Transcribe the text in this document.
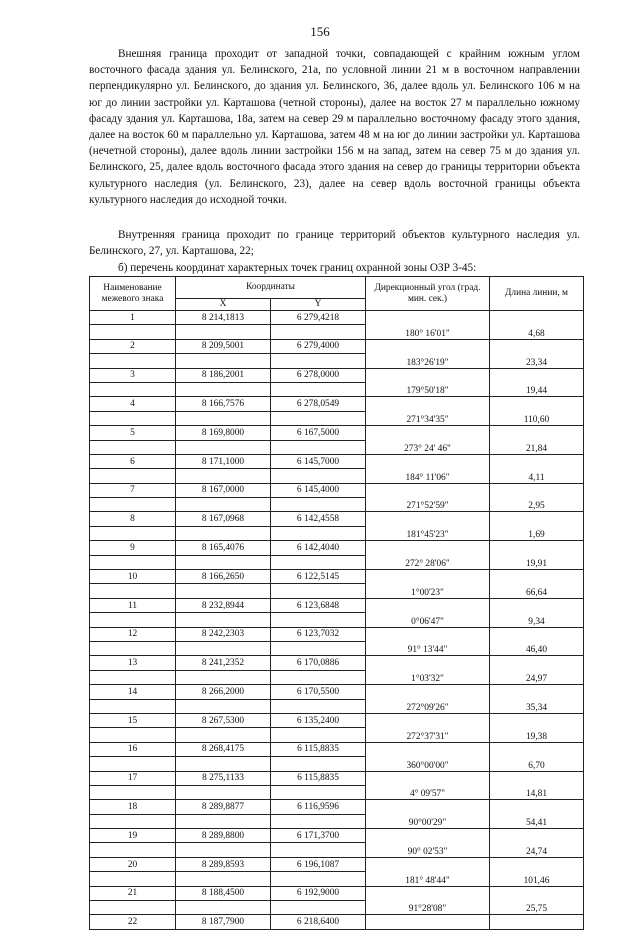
156

Внешняя граница проходит от западной точки, совпадающей с крайним южным углом восточного фасада здания ул. Белинского, 21а, по условной линии 21 м в восточном направлении перпендикулярно ул. Белинского, до здания ул. Белинского, 36, далее вдоль ул. Белинского 106 м на юг до линии застройки ул. Карташова (четной стороны), далее на восток 27 м параллельно южному фасаду здания ул. Карташова, 18а, затем на север 29 м параллельно восточному фасаду этого здания, далее на восток 60 м параллельно ул. Карташова, затем 48 м на юг до линии застройки ул. Карташова (нечетной стороны), далее вдоль линии застройки 156 м на запад, затем на север 75 м до здания ул. Белинского, 25, далее вдоль восточного фасада этого здания на север до границы территории объекта культурного наследия (ул. Белинского, 23), далее на север вдоль восточной границы объекта культурного наследия до исходной точки.

Внутренняя граница проходит по границе территорий объектов культурного наследия ул. Белинского, 27, ул. Карташова, 22;

б) перечень координат характерных точек границ охранной зоны ОЗР 3-45:

Наименование межевого знака	Координаты		Дирекционный угол (град. мин. сек.)	Длина линии, м
	X	Y		
1	8 214,1813	6 279,4218	180° 16'01"	4,68

2	8 209,5001	6 279,4000	183°26'19"	23,34

3	8 186,2001	6 278,0000	179°50'18"	19,44

4	8 166,7576	6 278,0549	271°34'35"	110,60

5	8 169,8000	6 167,5000	273° 24' 46"	21,84

6	8 171,1000	6 145,7000	184° 11'06"	4,11

7	8 167,0000	6 145,4000	271°52'59"	2,95

8	8 167,0968	6 142,4558	181°45'23"	1,69

9	8 165,4076	6 142,4040	272° 28'06"	19,91

10	8 166,2650	6 122,5145	1°00'23"	66,64

11	8 232,8944	6 123,6848	0°06'47"	9,34

12	8 242,2303	6 123,7032	91° 13'44"	46,40

13	8 241,2352	6 170,0886	1°03'32"	24,97

14	8 266,2000	6 170,5500	272°09'26"	35,34

15	8 267,5300	6 135,2400	272°37'31"	19,38

16	8 268,4175	6 115,8835	360°00'00"	6,70

17	8 275,1133	6 115,8835	4° 09'57"	14,81

18	8 289,8877	6 116,9596	90°00'29"	54,41

19	8 289,8800	6 171,3700	90° 02'53"	24,74

20	8 289,8593	6 196,1087	181° 48'44"	101,46

21	8 188,4500	6 192,9000	91°28'08"	25,75

22	8 187,7900	6 218,6400		
